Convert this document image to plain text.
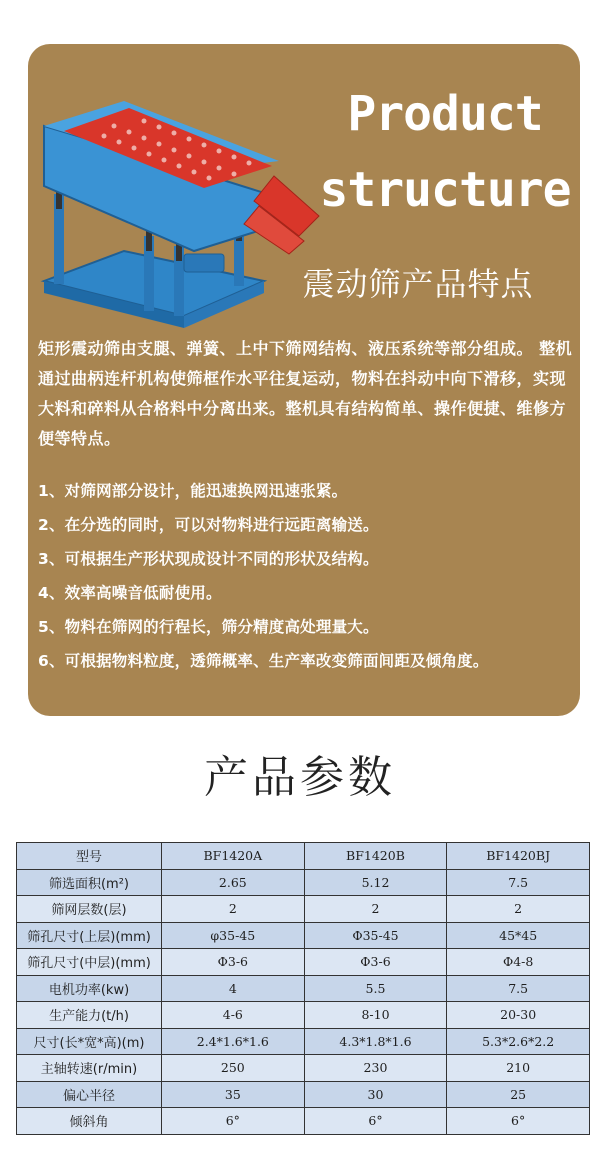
Product
structure
震动筛产品特点
矩形震动筛由支腿、弹簧、上中下筛网结构、液压系统等部分组成。 整机通过曲柄连杆机构使筛框作水平往复运动，物料在抖动中向下滑移，实现大料和碎料从合格料中分离出来。整机具有结构简单、操作便捷、维修方便等特点。
1、对筛网部分设计，能迅速换网迅速张紧。
2、在分选的同时，可以对物料进行远距离输送。
3、可根据生产形状现成设计不同的形状及结构。
4、效率高噪音低耐使用。
5、物料在筛网的行程长，筛分精度高处理量大。
6、可根据物料粒度，透筛概率、生产率改变筛面间距及倾角度。
产品参数
型号	BF1420A	BF1420B	BF1420BJ
筛选面积(m²)	2.65	5.12	7.5
筛网层数(层)	2	2	2
筛孔尺寸(上层)(mm)	φ35-45	Φ35-45	45*45
筛孔尺寸(中层)(mm)	Φ3-6	Φ3-6	Φ4-8
电机功率(kw)	4	5.5	7.5
生产能力(t/h)	4-6	8-10	20-30
尺寸(长*宽*高)(m)	2.4*1.6*1.6	4.3*1.8*1.6	5.3*2.6*2.2
主轴转速(r/min)	250	230	210
偏心半径	35	30	25
倾斜角	6°	6°	6°
